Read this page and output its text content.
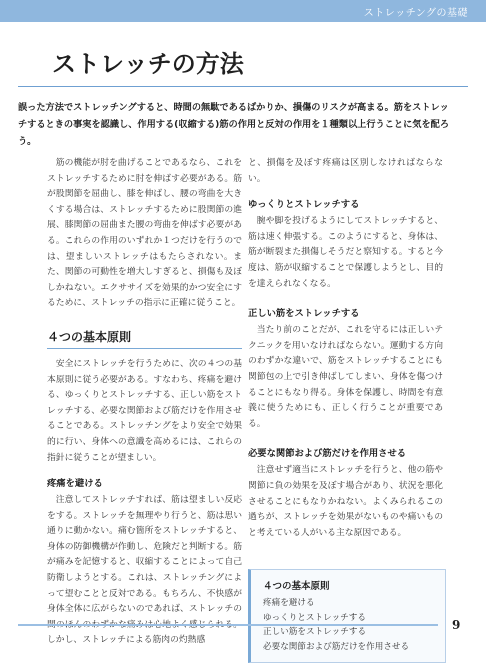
ストレッチングの基礎
ストレッチの方法

誤った方法でストレッチングすると、時間の無駄であるばかりか、損傷のリスクが高まる。筋をストレッチするときの事実を認識し、作用する(収縮する)筋の作用と反対の作用を１種類以上行うことに気を配ろう。

筋の機能が肘を曲げることであるなら、これをストレッチするために肘を伸ばす必要がある。筋が股関節を屈曲し、膝を伸ばし、腰の弯曲を大きくする場合は、ストレッチするために股関節の進展、膝関節の屈曲また腰の弯曲を伸ばす必要がある。これらの作用のいずれか１つだけを行うのでは、望ましいストレッチはもたらされない。また、関節の可動性を増大しすぎると、損傷も及ぼしかねない。エクササイズを効果的かつ安全にするために、ストレッチの指示に正確に従うこと。

４つの基本原則

安全にストレッチを行うために、次の４つの基本原則に従う必要がある。すなわち、疼痛を避ける、ゆっくりとストレッチする、正しい筋をストレッチする、必要な関節および筋だけを作用させることである。ストレッチングをより安全で効果的に行い、身体への意識を高めるには、これらの指針に従うことが望ましい。

疼痛を避ける

注意してストレッチすれば、筋は望ましい反応をする。ストレッチを無理やり行うと、筋は思い通りに動かない。痛む箇所をストレッチすると、身体の防御機構が作動し、危険だと判断する。筋が痛みを記憶すると、収縮することによって自己防衛しようとする。これは、ストレッチングによって望むことと反対である。もちろん、不快感が身体全体に広がらないのであれば、ストレッチの間のほんのわずかな痛みは心地よく感じられる。しかし、ストレッチによる筋肉の灼熱感

と、損傷を及ぼす疼痛は区別しなければならない。

ゆっくりとストレッチする

腕や脚を投げるようにしてストレッチすると、筋は速く伸張する。このようにすると、身体は、筋が断裂また損傷しそうだと察知する。すると今度は、筋が収縮することで保護しようとし、目的を達えられなくなる。

正しい筋をストレッチする

当たり前のことだが、これを守るには正しいテクニックを用いなければならない。運動する方向のわずかな違いで、筋をストレッチすることにも関節包の上で引き伸ばしてしまい、身体を傷つけることにもなり得る。身体を保護し、時間を有意義に使うためにも、正しく行うことが重要である。

必要な関節および筋だけを作用させる

注意せず適当にストレッチを行うと、他の筋や関節に負の効果を及ぼす場合があり、状況を悪化させることにもなりかねない。よくみられるこの過ちが、ストレッチを効果がないものや痛いものと考えている人がいる主な原因である。

４つの基本原則

疼痛を避ける

ゆっくりとストレッチする

正しい筋をストレッチする

必要な関節および筋だけを作用させる

9
